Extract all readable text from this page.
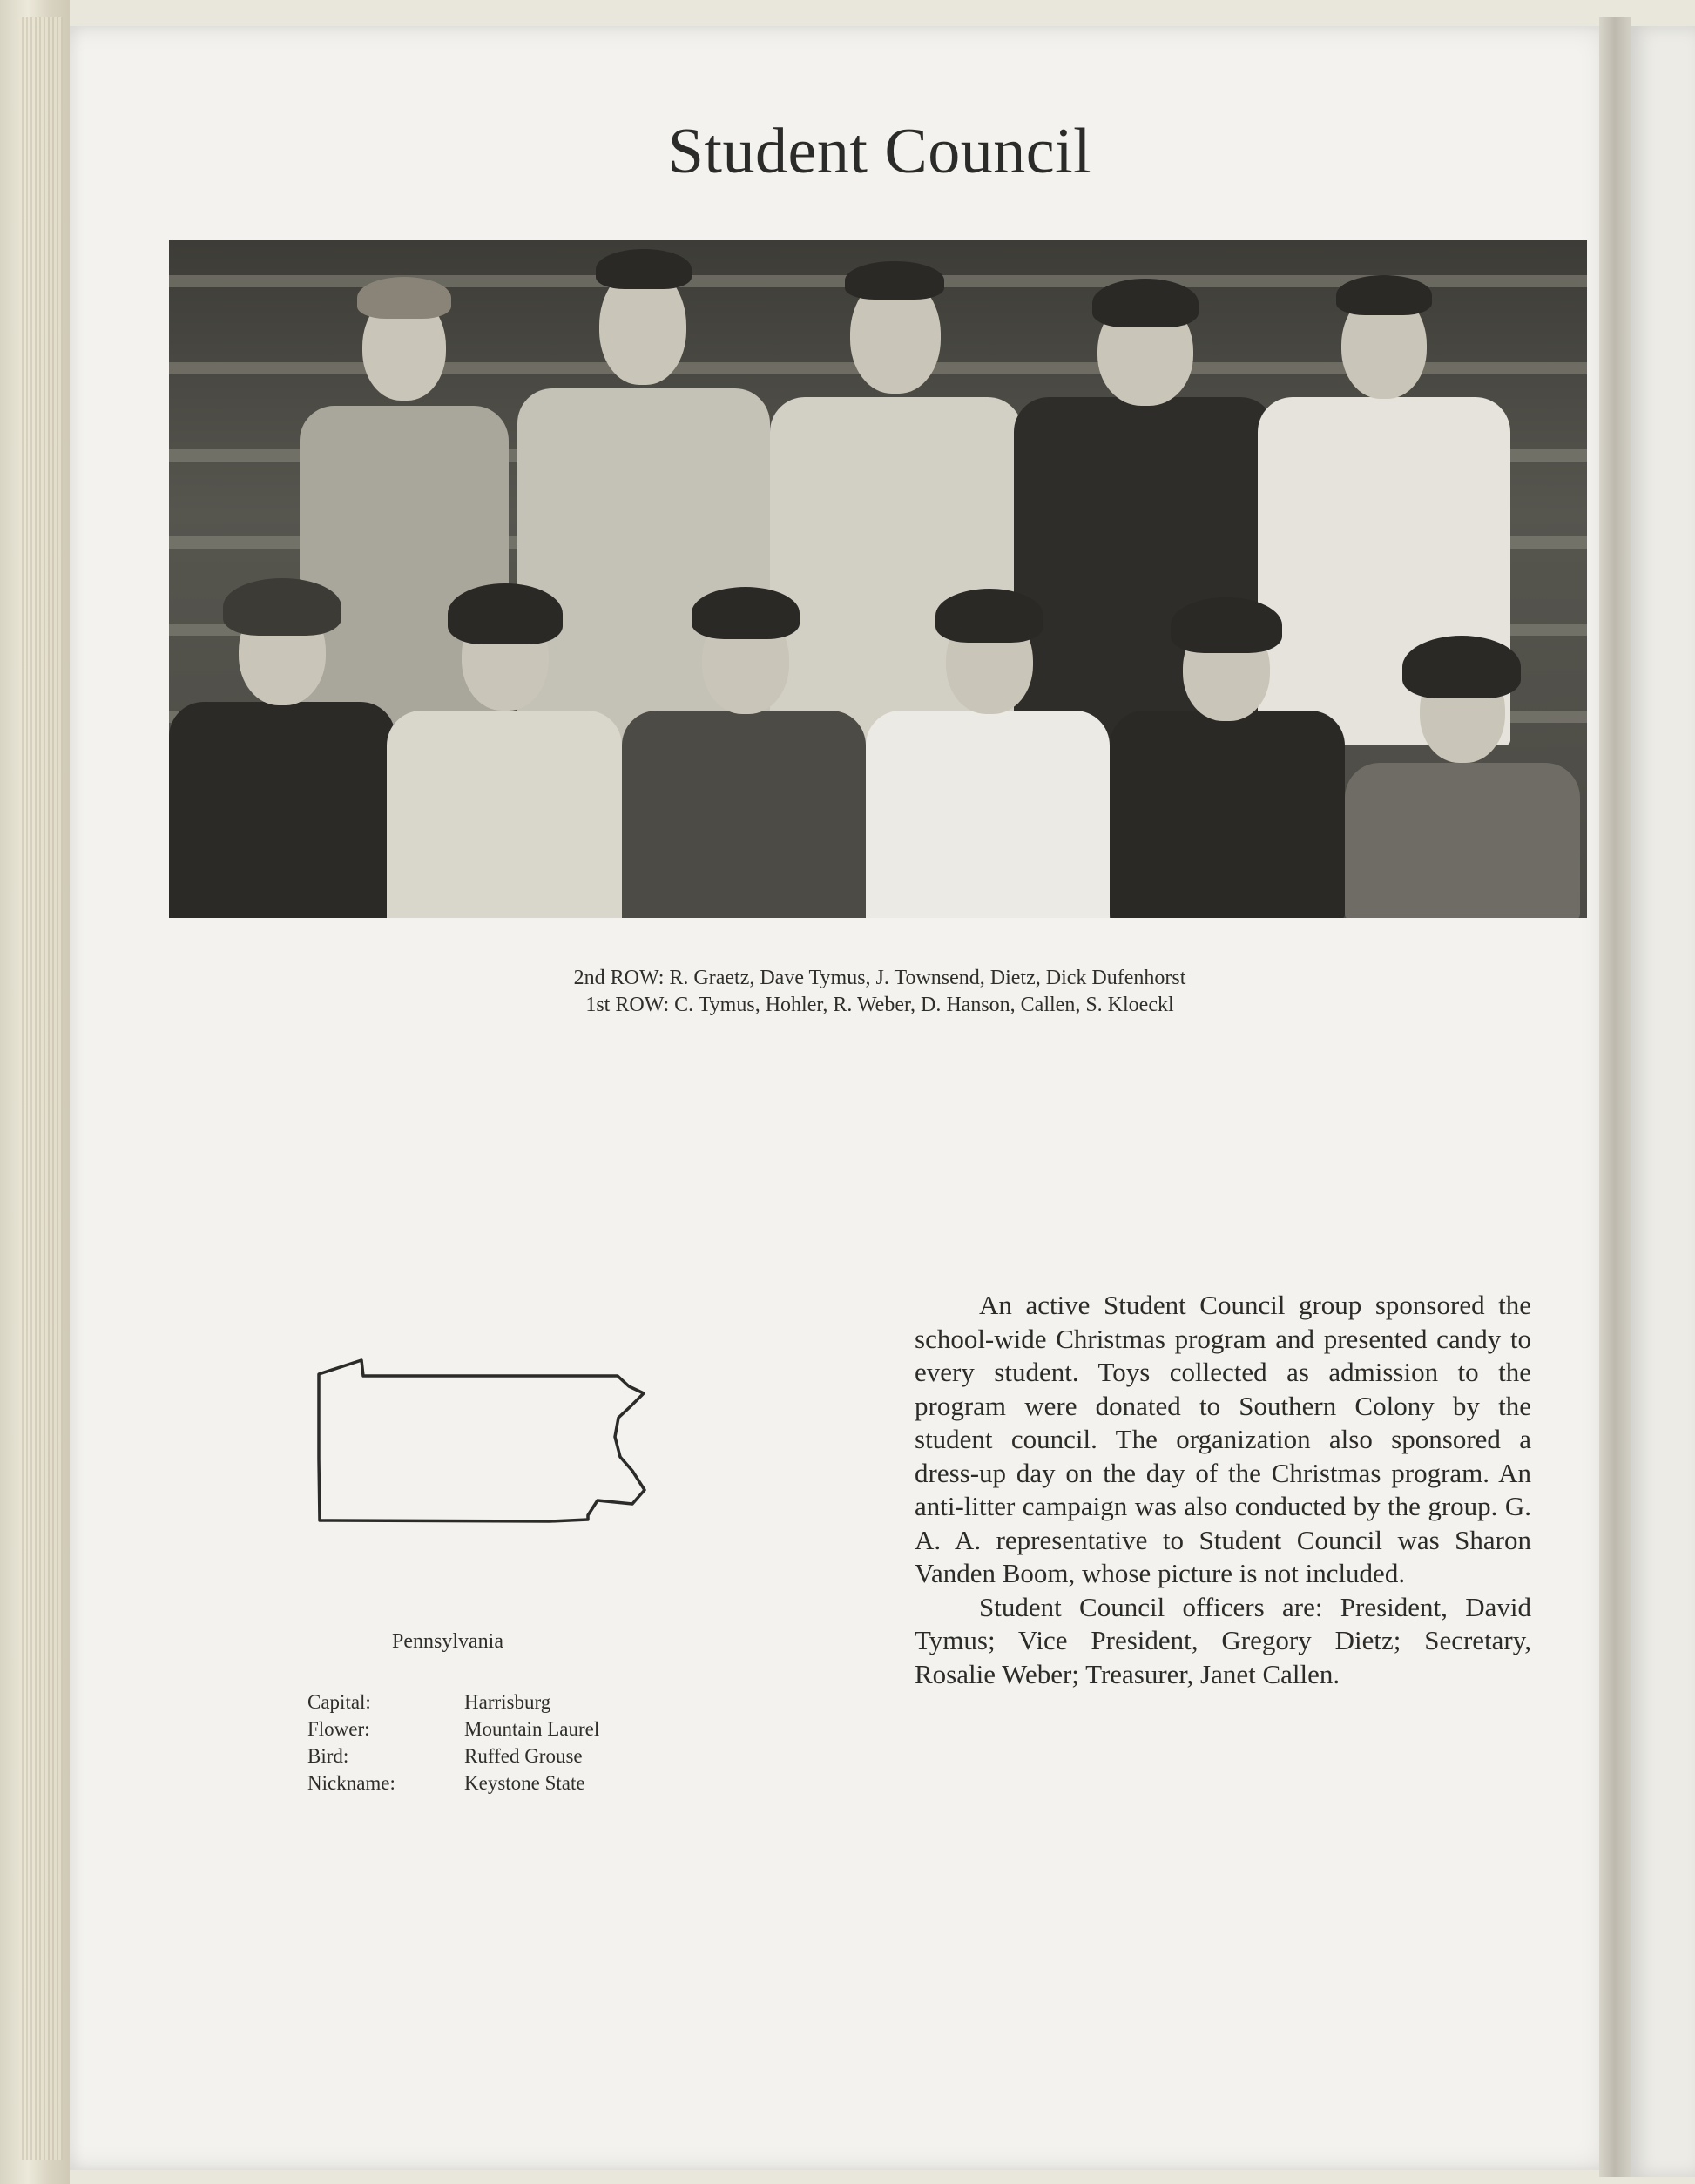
Student Council
2nd ROW: R. Graetz, Dave Tymus, J. Townsend, Dietz, Dick Dufenhorst
1st ROW: C. Tymus, Hohler, R. Weber, D. Hanson, Callen, S. Kloeckl
Pennsylvania
Capital:	Harrisburg
Flower:	Mountain Laurel
Bird:	Ruffed Grouse
Nickname:	Keystone State

An active Student Council group sponsored the school-wide Christmas program and presented candy to every student. Toys collected as admission to the program were donated to Southern Colony by the student council. The organization also sponsored a dress-up day on the day of the Christmas program. An anti-litter campaign was also conducted by the group. G. A. A. representative to Student Council was Sharon Vanden Boom, whose picture is not included.

Student Council officers are: President, David Tymus; Vice President, Gregory Dietz; Secretary, Rosalie Weber; Treasurer, Janet Callen.
